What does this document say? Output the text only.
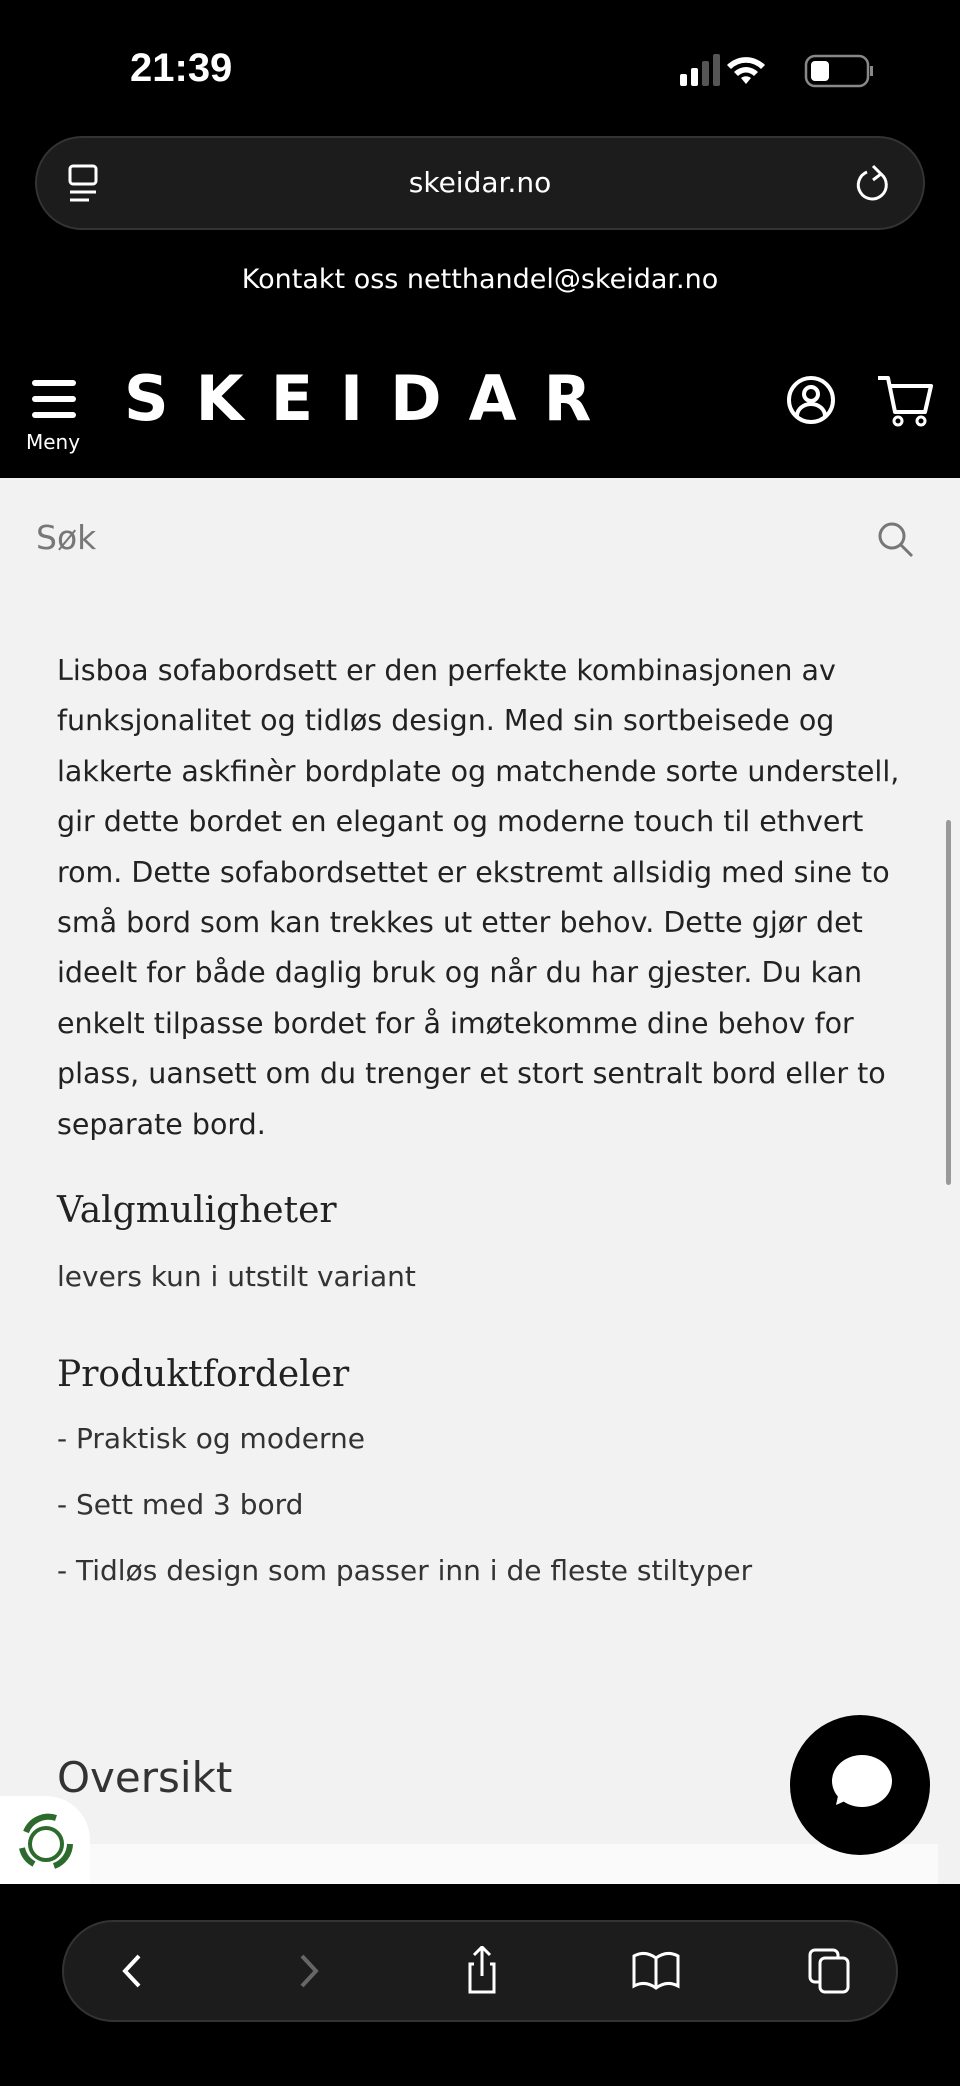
21:39
skeidar.no
Kontakt oss netthandel@skeidar.no
Meny
SKEIDAR
Søk
Lisboa sofabordsett er den perfekte kombinasjonen av funksjonalitet og tidløs design. Med sin sortbeisede og lakkerte askfinèr bordplate og matchende sorte understell, gir dette bordet en elegant og moderne touch til ethvert rom. Dette sofabordsettet er ekstremt allsidig med sine to små bord som kan trekkes ut etter behov. Dette gjør det ideelt for både daglig bruk og når du har gjester. Du kan enkelt tilpasse bordet for å imøtekomme dine behov for plass, uansett om du trenger et stort sentralt bord eller to separate bord.
Valgmuligheter
levers kun i utstilt variant
Produktfordeler
- Praktisk og moderne
- Sett med 3 bord
- Tidløs design som passer inn i de fleste stiltyper
Oversikt
